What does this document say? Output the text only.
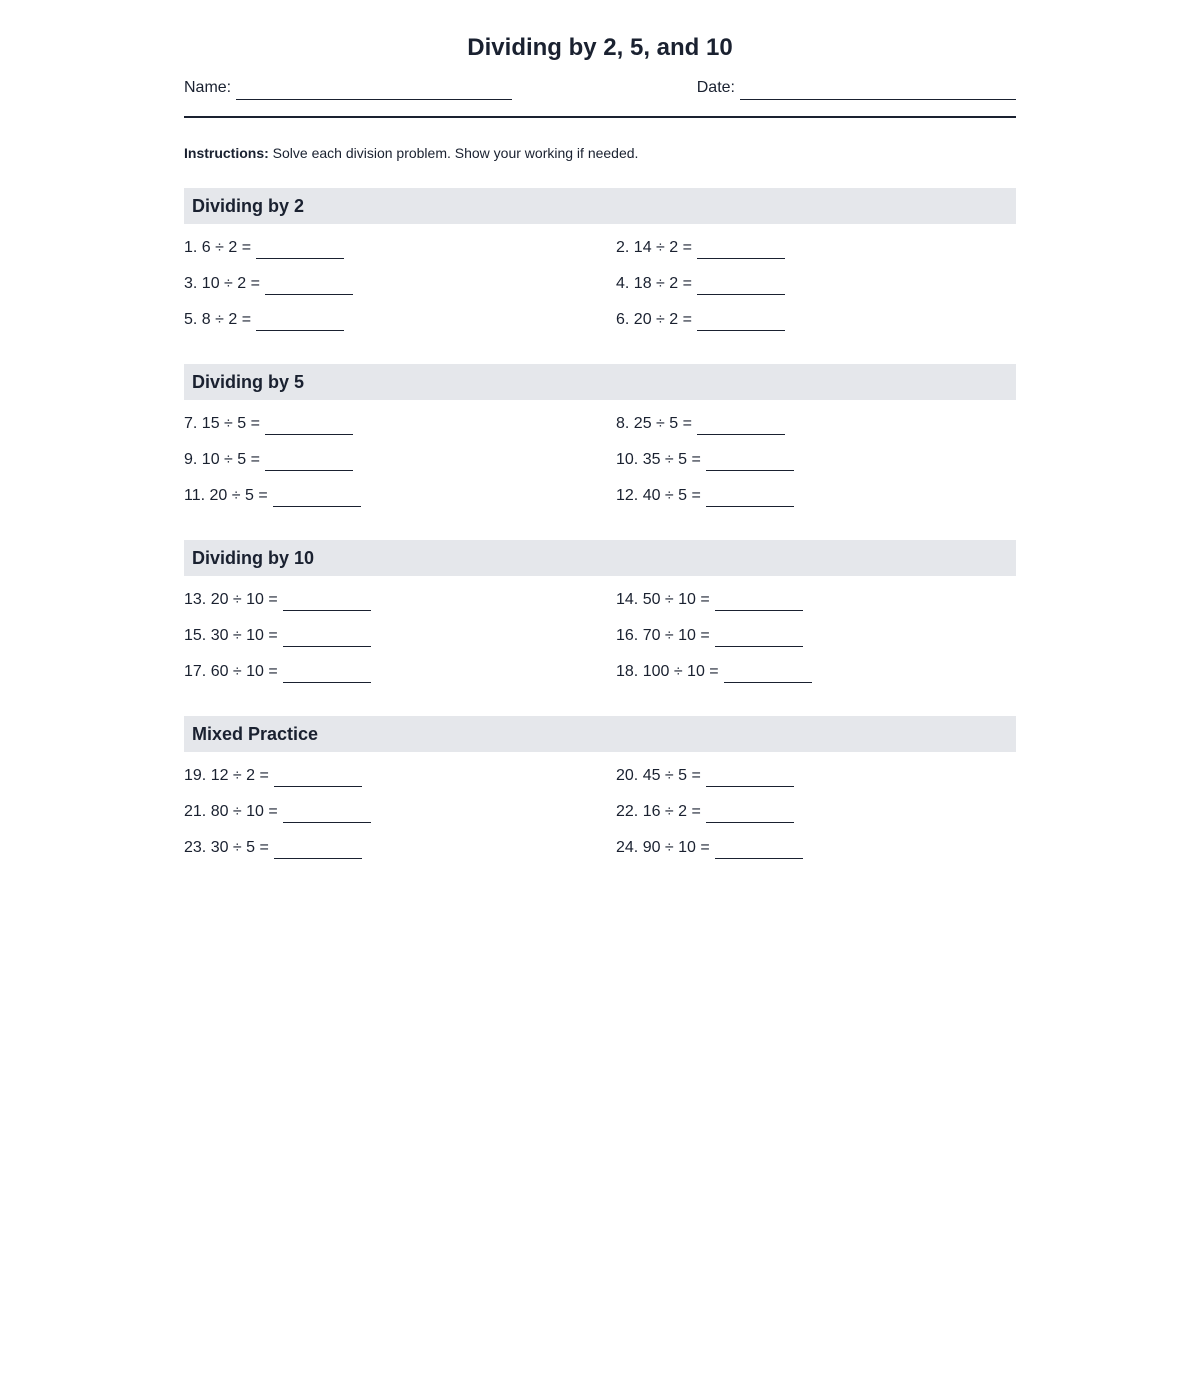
Dividing by 2, 5, and 10
Name:	Date:
Instructions: Solve each division problem. Show your working if needed.
Dividing by 2
1. 6 ÷ 2 =	2. 14 ÷ 2 =
3. 10 ÷ 2 =	4. 18 ÷ 2 =
5. 8 ÷ 2 =	6. 20 ÷ 2 =
Dividing by 5
7. 15 ÷ 5 =	8. 25 ÷ 5 =
9. 10 ÷ 5 =	10. 35 ÷ 5 =
11. 20 ÷ 5 =	12. 40 ÷ 5 =
Dividing by 10
13. 20 ÷ 10 =	14. 50 ÷ 10 =
15. 30 ÷ 10 =	16. 70 ÷ 10 =
17. 60 ÷ 10 =	18. 100 ÷ 10 =
Mixed Practice
19. 12 ÷ 2 =	20. 45 ÷ 5 =
21. 80 ÷ 10 =	22. 16 ÷ 2 =
23. 30 ÷ 5 =	24. 90 ÷ 10 =
